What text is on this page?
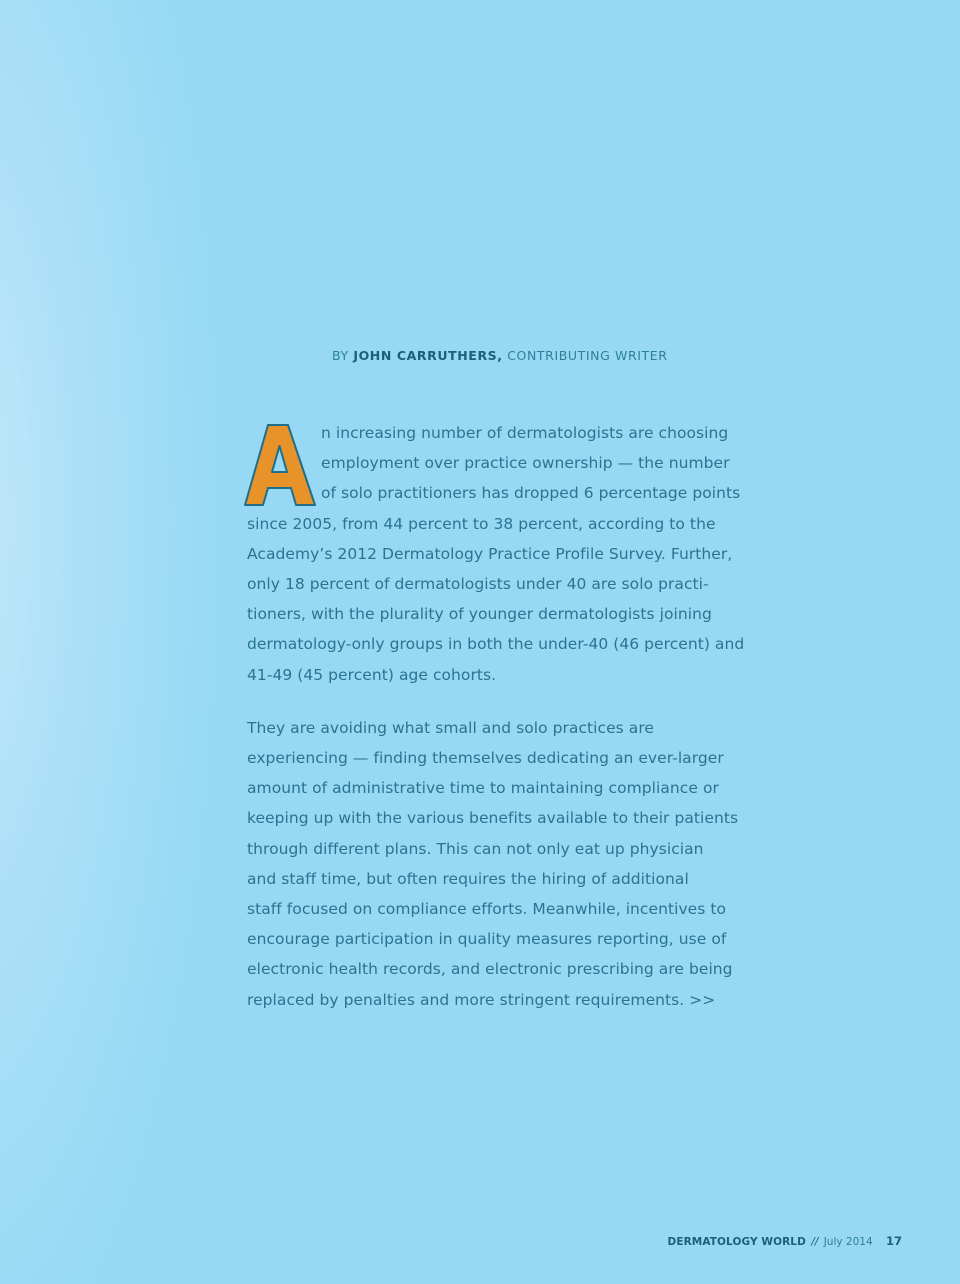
BY JOHN CARRUTHERS, CONTRIBUTING WRITER
A

n increasing number of dermatologists are choosing
employment over practice ownership — the number
of solo practitioners has dropped 6 percentage points
since 2005, from 44 percent to 38 percent, according to the
Academy’s 2012 Dermatology Practice Profile Survey. Further,
only 18 percent of dermatologists under 40 are solo practi-
tioners, with the plurality of younger dermatologists joining
dermatology-only groups in both the under-40 (46 percent) and
41-49 (45 percent) age cohorts.

They are avoiding what small and solo practices are
experiencing — finding themselves dedicating an ever-larger
amount of administrative time to maintaining compliance or
keeping up with the various benefits available to their patients
through different plans. This can not only eat up physician
and staff time, but often requires the hiring of additional
staff focused on compliance efforts. Meanwhile, incentives to
encourage participation in quality measures reporting, use of
electronic health records, and electronic prescribing are being
replaced by penalties and more stringent requirements. >>

DERMATOLOGY WORLD // July 2014 17
